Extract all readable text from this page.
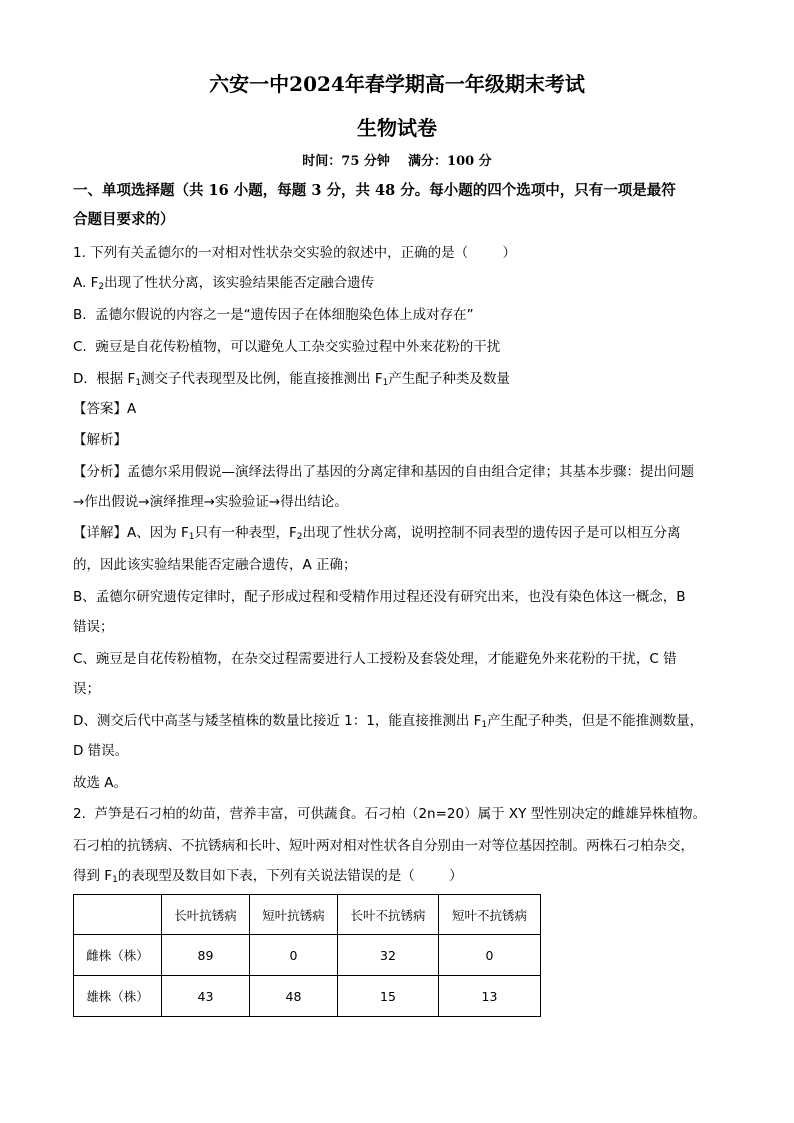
六安一中2024年春学期高一年级期末考试
生物试卷
时间：75 分钟    满分：100 分
一、单项选择题（共 16 小题，每题 3 分，共 48 分。每小题的四个选项中，只有一项是最符
合题目要求的）
1. 下列有关孟德尔的一对相对性状杂交实验的叙述中，正确的是（        ）
A. $F_2$出现了性状分离，该实验结果能否定融合遗传
B.  孟德尔假说的内容之一是“遗传因子在体细胞染色体上成对存在”
C.  豌豆是自花传粉植物，可以避免人工杂交实验过程中外来花粉的干扰
D.  根据 $F_1$测交子代表现型及比例，能直接推测出 $F_1$产生配子种类及数量
【答案】A
【解析】
【分析】孟德尔采用假说—演绎法得出了基因的分离定律和基因的自由组合定律；其基本步骤：提出问题
→作出假说→演绎推理→实验验证→得出结论。
【详解】A、因为 $F_1$只有一种表型，$F_2$出现了性状分离，说明控制不同表型的遗传因子是可以相互分离
的，因此该实验结果能否定融合遗传，A 正确；
B、孟德尔研究遗传定律时，配子形成过程和受精作用过程还没有研究出来，也没有染色体这一概念，B
错误；
C、豌豆是自花传粉植物，在杂交过程需要进行人工授粉及套袋处理，才能避免外来花粉的干扰，C 错
误；
D、测交后代中高茎与矮茎植株的数量比接近 1：1，能直接推测出 $F_1$产生配子种类，但是不能推测数量，
D 错误。
故选 A。
2.  芦笋是石刁柏的幼苗，营养丰富，可供蔬食。石刁柏（2n=20）属于 XY 型性别决定的雌雄异株植物。
石刁柏的抗锈病、不抗锈病和长叶、短叶两对相对性状各自分别由一对等位基因控制。两株石刁柏杂交，
得到 $F_1$的表现型及数目如下表，下列有关说法错误的是（        ）
	长叶抗锈病	短叶抗锈病	长叶不抗锈病	短叶不抗锈病
雌株（株）	89	0	32	0
雄株（株）	43	48	15	13
